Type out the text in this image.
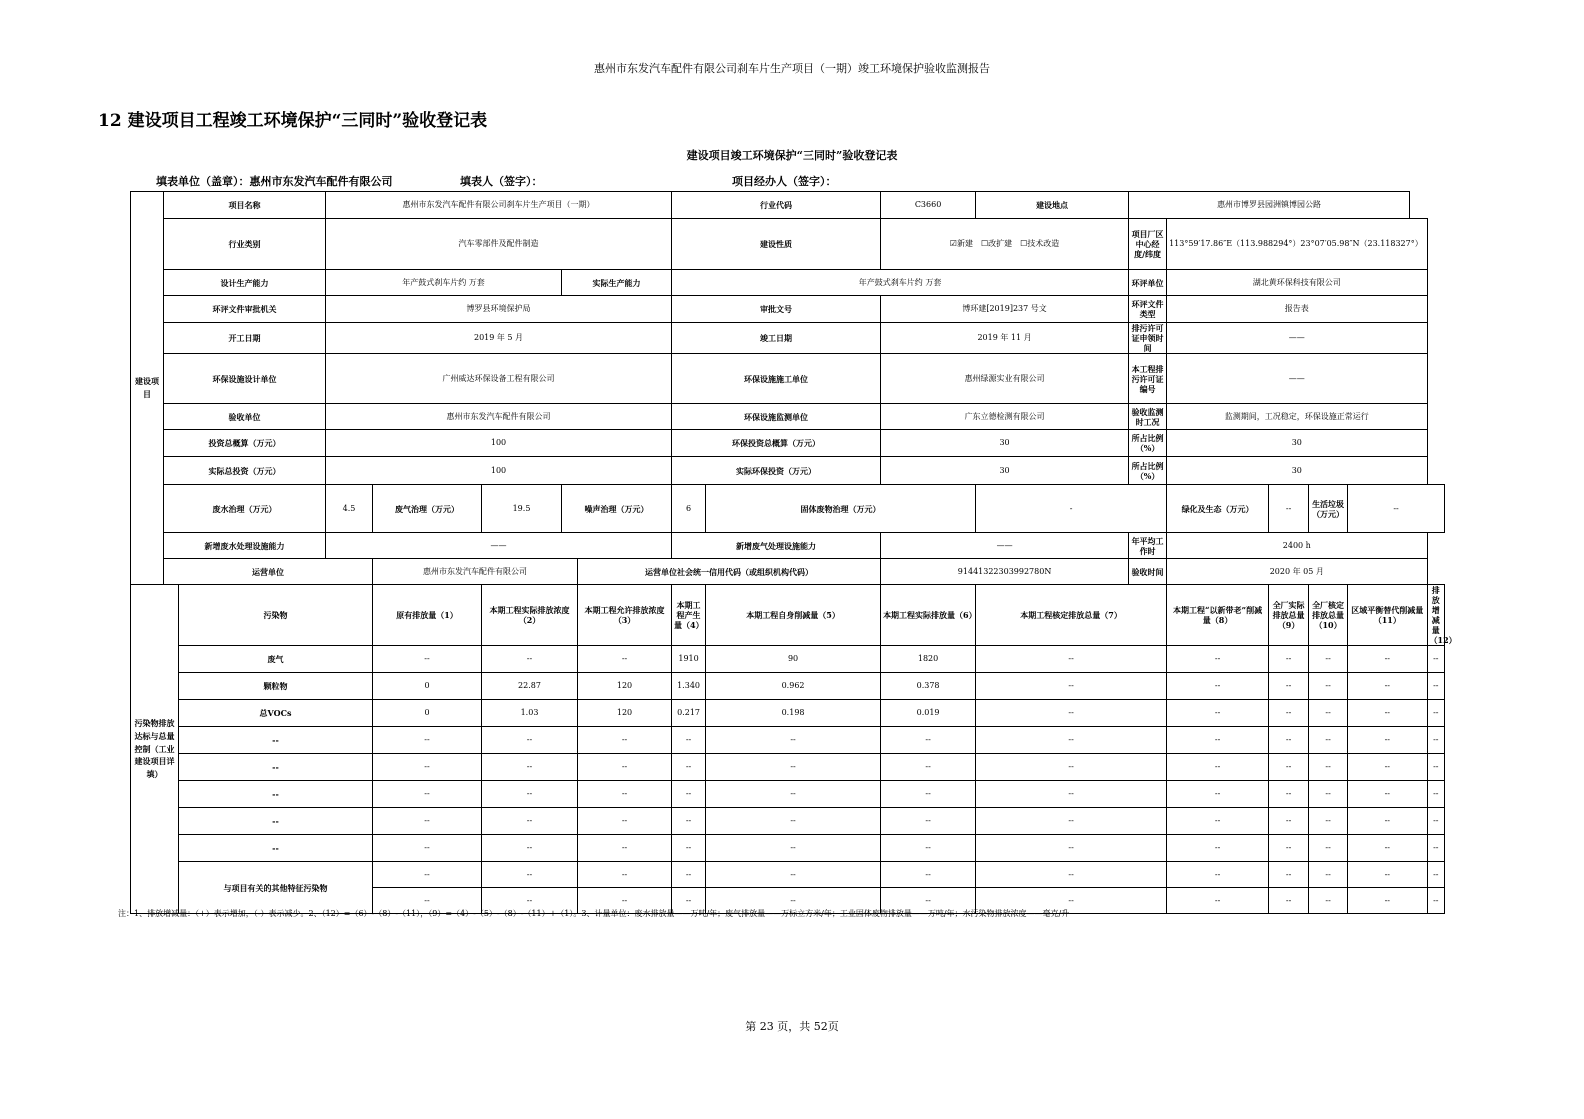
惠州市东发汽车配件有限公司刹车片生产项目（一期）竣工环境保护验收监测报告
12 建设项目工程竣工环境保护“三同时”验收登记表
建设项目竣工环境保护“三同时”验收登记表
填表单位（盖章）：惠州市东发汽车配件有限公司	填表人（签字）：	项目经办人（签字）：
建设项目	项目名称		惠州市东发汽车配件有限公司刹车片生产项目（一期）					行业代码		C3660	建设地点	惠州市博罗县园洲镇博园公路					
	行业类别		汽车零部件及配件制造					建设性质		☑新建　☐改扩建　☐技术改造		项目厂区中心经度/纬度	113°59′17.86″E（113.988294°）23°07′05.98″N（23.118327°）				
	设计生产能力		年产鼓式刹车片约 万套			实际生产能力		年产鼓式刹车片约 万套				环评单位	湖北黄环保科技有限公司				
	环评文件审批机关		博罗县环境保护局					审批文号		博环建[2019]237 号文		环评文件类型	报告表				
	开工日期		2019 年 5 月					竣工日期		2019 年 11 月		排污许可证申领时间	——				
	环保设施设计单位		广州威达环保设备工程有限公司					环保设施施工单位		惠州绿源实业有限公司		本工程排污许可证编号	——				
	验收单位		惠州市东发汽车配件有限公司					环保设施监测单位		广东立德检测有限公司		验收监测时工况	监测期间，工况稳定，环保设施正常运行				
	投资总概算（万元）		100					环保投资总概算（万元）		30		所占比例（%）	30				
	实际总投资（万元）		100					实际环保投资（万元）		30		所占比例（%）	30				
	废水治理（万元）		4.5	废气治理（万元）	19.5	噪声治理（万元）		6	固体废物治理（万元）		-		绿化及生态（万元）	--	生活垃圾（万元）	--	
	新增废水处理设施能力		——					新增废气处理设施能力		——		年平均工作时	2400 h				
	运营单位			惠州市东发汽车配件有限公司			运营单位社会统一信用代码（或组织机构代码）			91441322303992780N		验收时间	2020 年 05 月				
污染物排放达标与总量控制（工业建设项目详填）		污染物		原有排放量（1）	本期工程实际排放浓度（2）		本期工程允许排放浓度（3）	本期工程产生量（4）	本期工程自身削减量（5）	本期工程实际排放量（6）	本期工程核定排放总量（7）		本期工程“以新带老”削减量（8）	全厂实际排放总量（9）	全厂核定排放总量（10）	区域平衡替代削减量（11）	排放增减量（12）
		废气		--	--		--	1910	90	1820	--		--	--	--	--	--
		颗粒物		0	22.87		120	1.340	0.962	0.378	--		--	--	--	--	--
		总VOCs		0	1.03		120	0.217	0.198	0.019	--		--	--	--	--	--
		--		--	--		--	--	--	--	--		--	--	--	--	--
		--		--	--		--	--	--	--	--		--	--	--	--	--
		--		--	--		--	--	--	--	--		--	--	--	--	--
		--		--	--		--	--	--	--	--		--	--	--	--	--
		--		--	--		--	--	--	--	--		--	--	--	--	--
		与项目有关的其他特征污染物		--	--		--	--	--	--	--		--	--	--	--	--
				--	--		--	--	--	--	--		--	--	--	--	--
注：1、排放增减量：（+）表示增加，（-）表示减少。2、（12）=（6）-（8）-（11），（9）=（4）-（5）-（8）-（11）+（1）。3、计量单位：废水排放量——万吨/年；废气排放量——万标立方米/年；工业固体废物排放量——万吨/年；水污染物排放浓度——毫克/升
第 23 页，共 52页
